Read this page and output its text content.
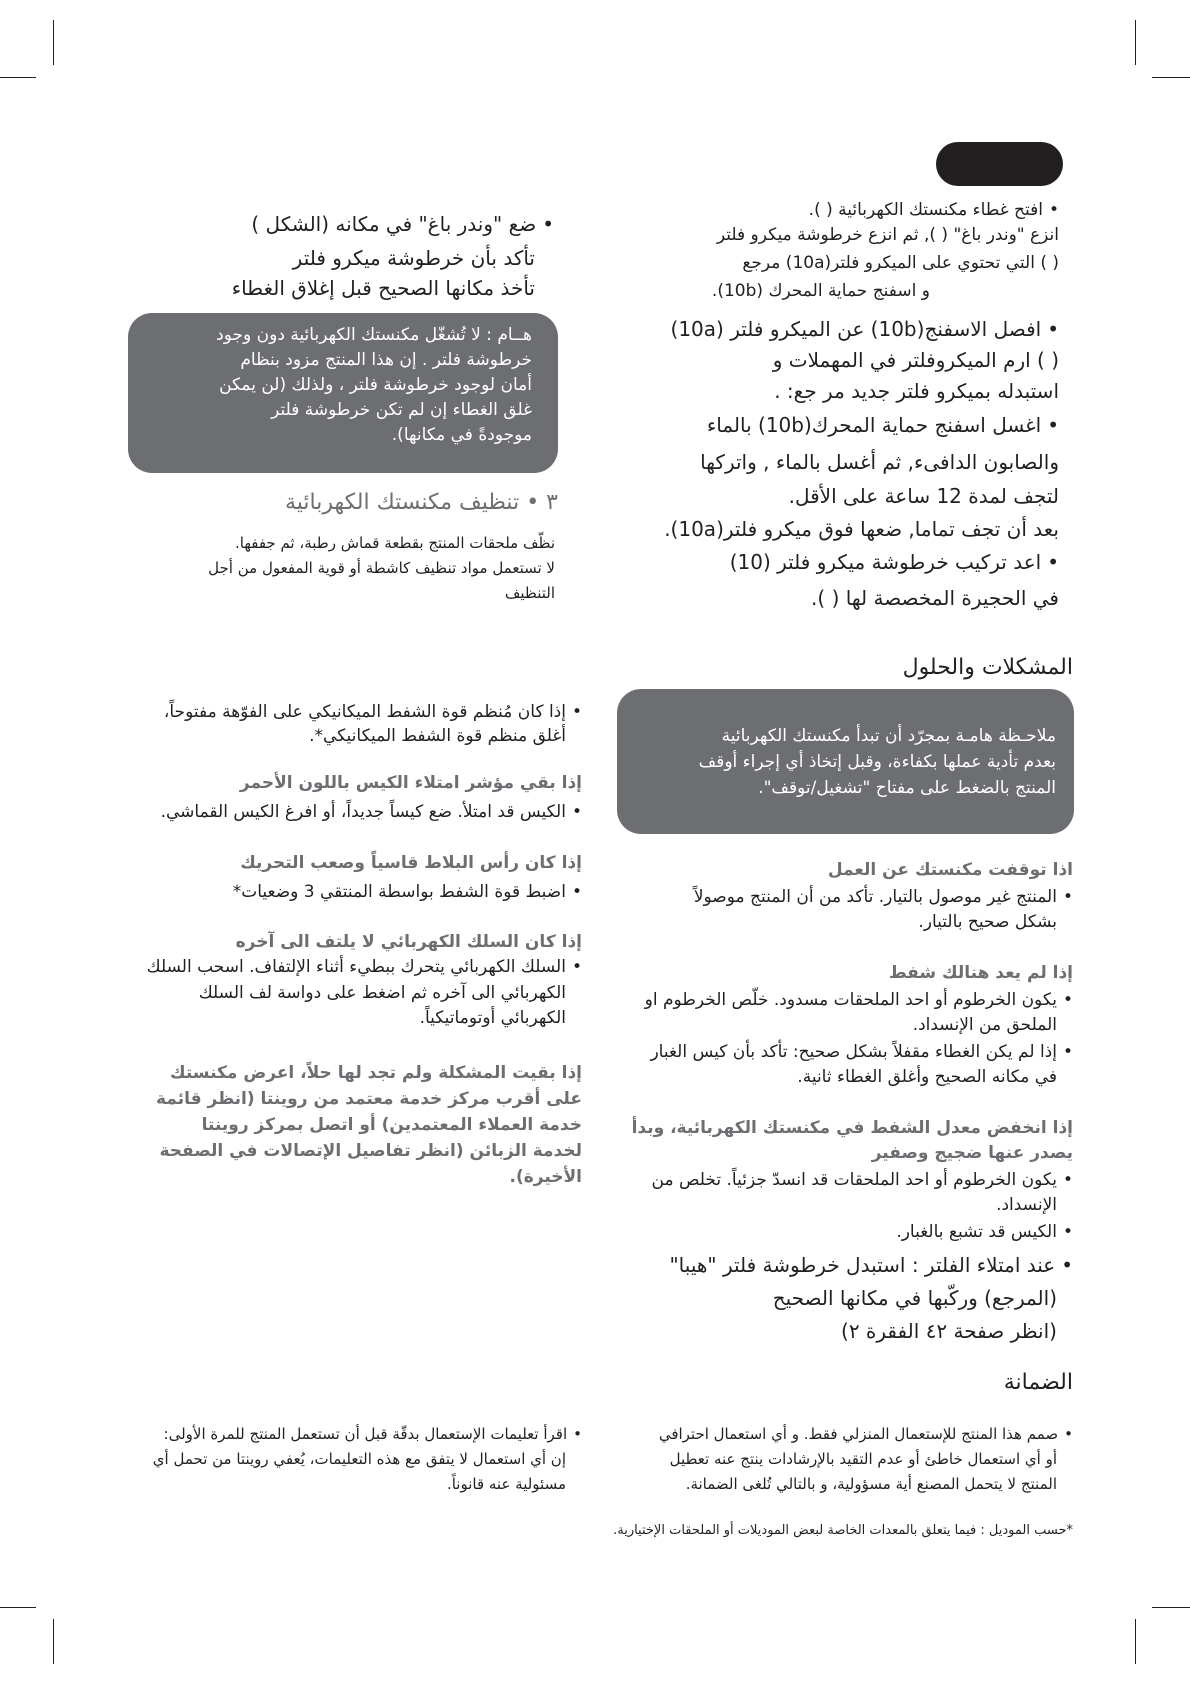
•افتح غطاء مكنستك الكهربائية ( ).
انزع "وندر باغ" ( ), ثم انزع خرطوشة ميكرو فلتر
( ) التي تحتوي على الميكرو فلتر(10a) مرجع
و اسفنج حماية المحرك (10b).
•افصل الاسفنج(10b) عن الميكرو فلتر (10a)
( ) ارم الميكروفلتر في المهملات و
استبدله بميكرو فلتر جديد مر جع: .
•اغسل اسفنج حماية المحرك(10b) بالماء
والصابون الدافىء, ثم أغسل بالماء , واتركها
لتجف لمدة 12 ساعة على الأقل.
بعد أن تجف تماما, ضعها فوق ميكرو فلتر(10a).
•اعد تركيب خرطوشة ميكرو فلتر (10)
في الحجيرة المخصصة لها ( ).
•ضع "وندر باغ" في مكانه (الشكل )
تأكد بأن خرطوشة ميكرو فلتر
تأخذ مكانها الصحيح قبل إغلاق الغطاء

هــام : لا تُشغّل مكنستك الكهربائية دون وجود

خرطوشة فلتر . إن هذا المنتج مزود بنظام

أمان لوجود خرطوشة فلتر ، ولذلك (لن يمكن

غلق الغطاء إن لم تكن خرطوشة فلتر

موجودةً في مكانها).

٣ • تنظيف مكنستك الكهربائية
نظّف ملحقات المنتج بقطعة قماش رطبة، ثم جففها.
لا تستعمل مواد تنظيف كاشطة أو قوية المفعول من أجل
التنظيف
المشكلات والحلول

ملاحـظة هامـة بمجرّد أن تبدأ مكنستك الكهربائية

بعدم تأدية عملها بكفاءة، وقبل إتخاذ أي إجراء أوقف

المنتج بالضغط على مفتاح "تشغيل/توقف".

اذا توقفت مكنستك عن العمل
•المنتج غير موصول بالتيار. تأكد من أن المنتج موصولاً
بشكل صحيح بالتيار.
إذا لم يعد هنالك شفط
•يكون الخرطوم أو احد الملحقات مسدود. خلّص الخرطوم او
الملحق من الإنسداد.
•إذا لم يكن الغطاء مقفلاً بشكل صحيح: تأكد بأن كيس الغبار
في مكانه الصحيح وأغلق الغطاء ثانية.
إذا انخفض معدل الشفط في مكنستك الكهربائية، وبدأ
يصدر عنها ضجيج وصفير
•يكون الخرطوم أو احد الملحقات قد انسدّ جزئياً. تخلص من
الإنسداد.
•الكيس قد تشبع بالغبار.
•عند امتلاء الفلتر : استبدل خرطوشة فلتر "هيبا"
(المرجع) وركّبها في مكانها الصحيح
(انظر صفحة ٤٢ الفقرة ٢)
•إذا كان مُنظم قوة الشفط الميكانيكي على الفوّهة مفتوحاً،
أغلق منظم قوة الشفط الميكانيكي*.
إذا بقي مؤشر امتلاء الكيس باللون الأحمر
•الكيس قد امتلأ. ضع كيساً جديداً، أو افرغ الكيس القماشي.
إذا كان رأس البلاط قاسياً وصعب التحريك
•اضبط قوة الشفط بواسطة المنتقي 3 وضعيات*
إذا كان السلك الكهربائي لا يلتف الى آخره
•السلك الكهربائي يتحرك ببطيء أثناء الإلتفاف. اسحب السلك
الكهربائي الى آخره ثم اضغط على دواسة لف السلك
الكهربائي أوتوماتيكياً.

إذا بقيت المشكلة ولم تجد لها حلاً، اعرض مكنستك

على أقرب مركز خدمة معتمد من روينتا (انظر قائمة

خدمة العملاء المعتمدين) أو اتصل بمركز روينتا

لخدمة الزبائن (انظر تفاصيل الإتصالات في الصفحة

الأخيرة).

الضمانة
•صمم هذا المنتج للإستعمال المنزلي فقط. و أي استعمال احترافي
أو أي استعمال خاطئ أو عدم التقيد بالإرشادات ينتج عنه تعطيل
المنتج لا يتحمل المصنع أية مسؤولية، و بالتالي تُلغى الضمانة.
•اقرأ تعليمات الإستعمال بدقّة قبل أن تستعمل المنتج للمرة الأولى:
إن أي استعمال لا يتفق مع هذه التعليمات، يُعفي روينتا من تحمل أي
مسئولية عنه قانوناً.
*حسب الموديل : فيما يتعلق بالمعدات الخاصة لبعض الموديلات أو الملحقات الإختيارية.
